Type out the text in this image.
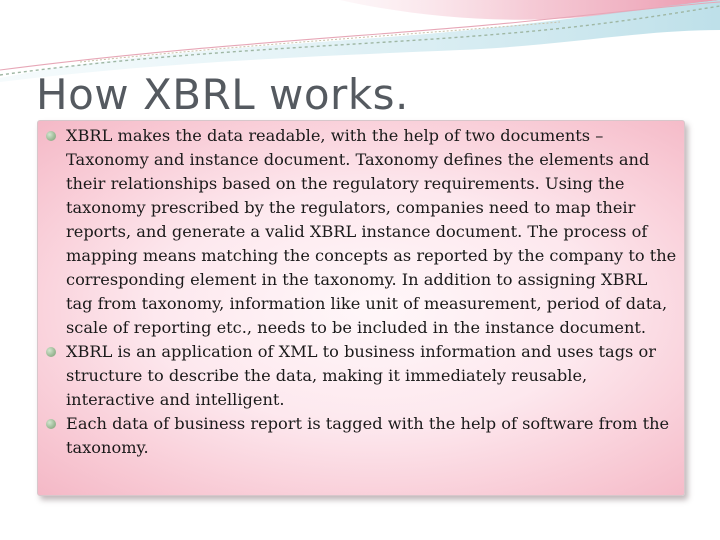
How XBRL works.
XBRL makes the data readable, with the help of two documents – Taxonomy and instance document. Taxonomy defines the elements and their relationships based on the regulatory requirements. Using the taxonomy prescribed by the regulators, companies need to map their reports, and generate a valid XBRL instance document. The process of mapping means matching the concepts as reported by the company to the corresponding element in the taxonomy. In addition to assigning XBRL tag from taxonomy, information like unit of measurement, period of data, scale of reporting etc., needs to be included in the instance document.
XBRL is an application of XML to business information and uses tags or structure to describe the data, making it immediately reusable, interactive and intelligent.
Each data of business report is tagged with the help of software from the taxonomy.
